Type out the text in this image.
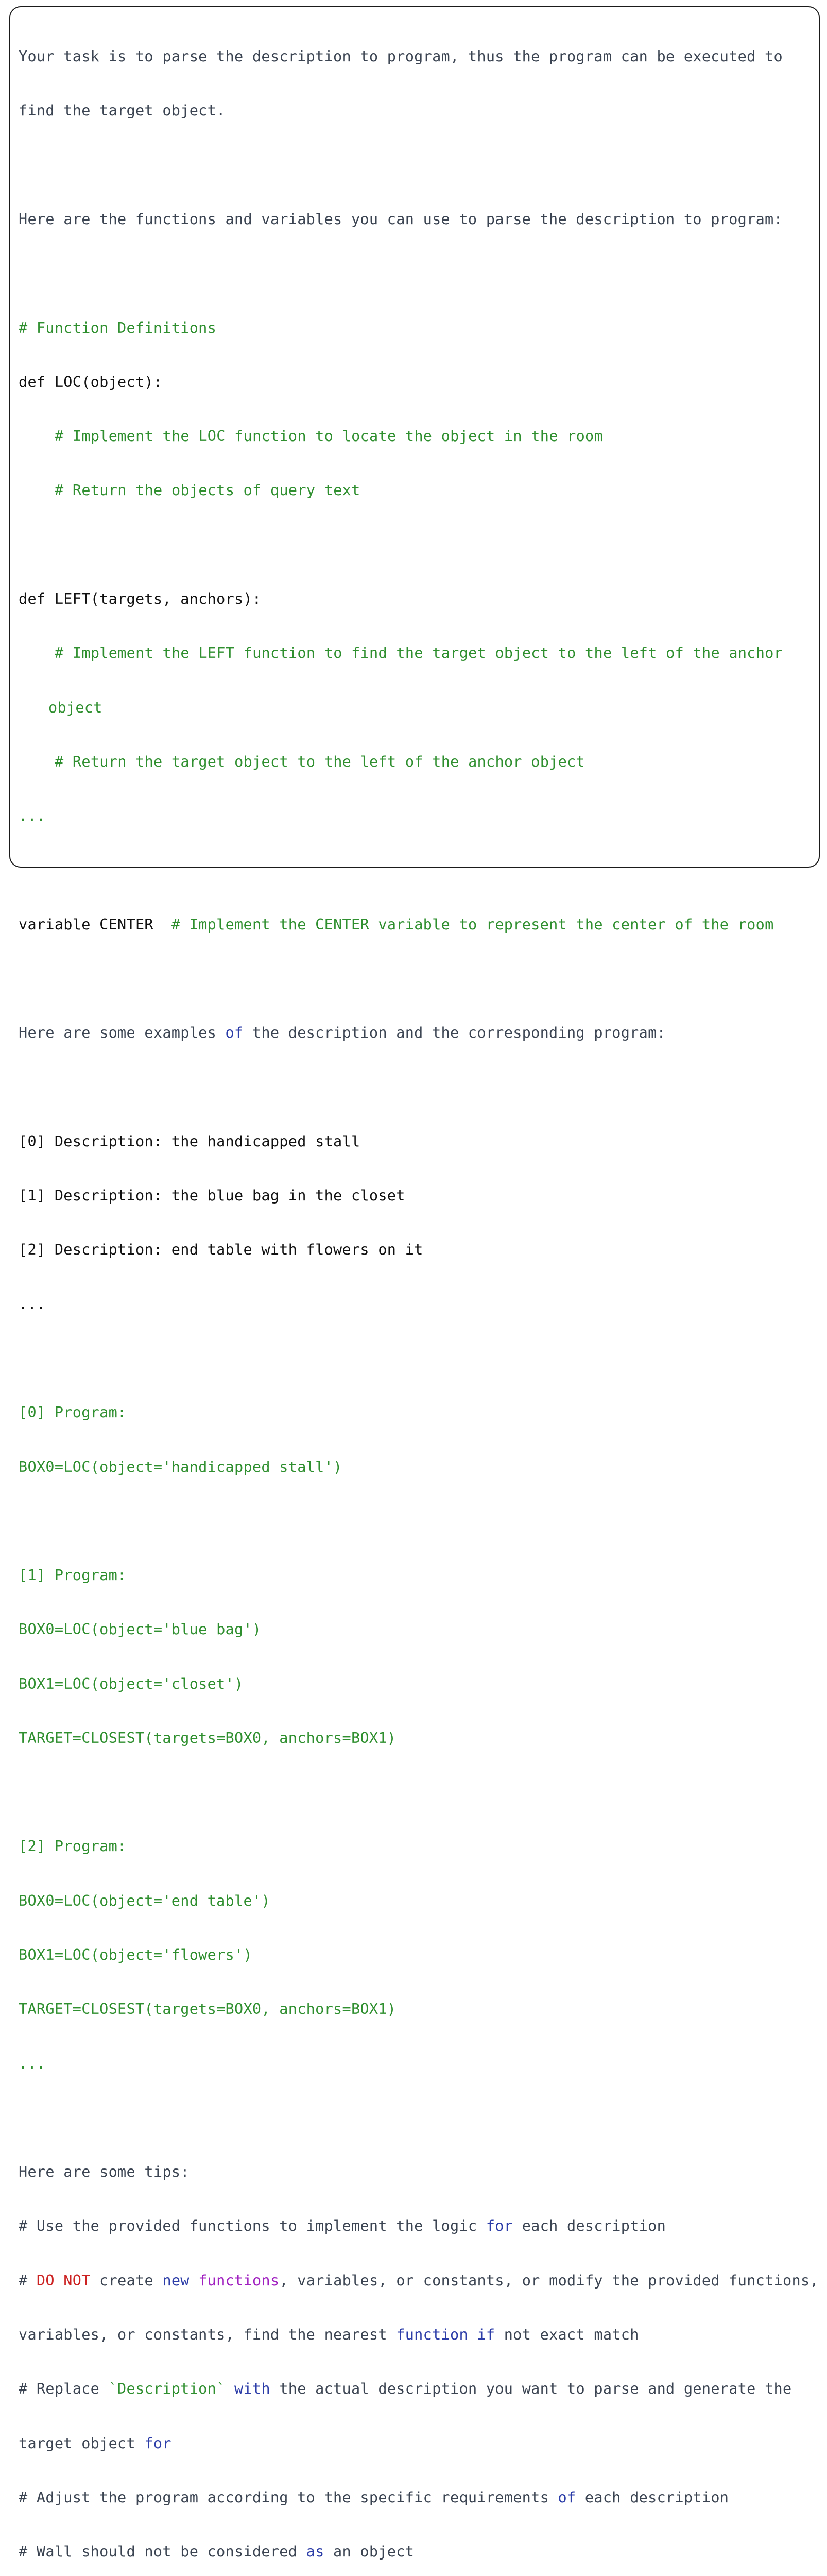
Your task is to parse the description to program, thus the program can be executed to

find the target object.

Here are the functions and variables you can use to parse the description to program:

# Function Definitions

def LOC(object):

# Implement the LOC function to locate the object in the room

# Return the objects of query text

def LEFT(targets, anchors):

# Implement the LEFT function to find the target object to the left of the anchor

object

# Return the target object to the left of the anchor object

...

variable CENTER # Implement the CENTER variable to represent the center of the room

Here are some examples of the description and the corresponding program:

[0] Description: the handicapped stall

[1] Description: the blue bag in the closet

[2] Description: end table with flowers on it

...

[0] Program:

BOX0=LOC(object='handicapped stall')

[1] Program:

BOX0=LOC(object='blue bag')

BOX1=LOC(object='closet')

TARGET=CLOSEST(targets=BOX0, anchors=BOX1)

[2] Program:

BOX0=LOC(object='end table')

BOX1=LOC(object='flowers')

TARGET=CLOSEST(targets=BOX0, anchors=BOX1)

...

Here are some tips:

# Use the provided functions to implement the logic for each description

# DO NOT create new functions, variables, or constants, or modify the provided functions,

variables, or constants, find the nearest function if not exact match

# Replace `Description` with the actual description you want to parse and generate the

target object for

# Adjust the program according to the specific requirements of each description

# Wall should not be considered as an object
